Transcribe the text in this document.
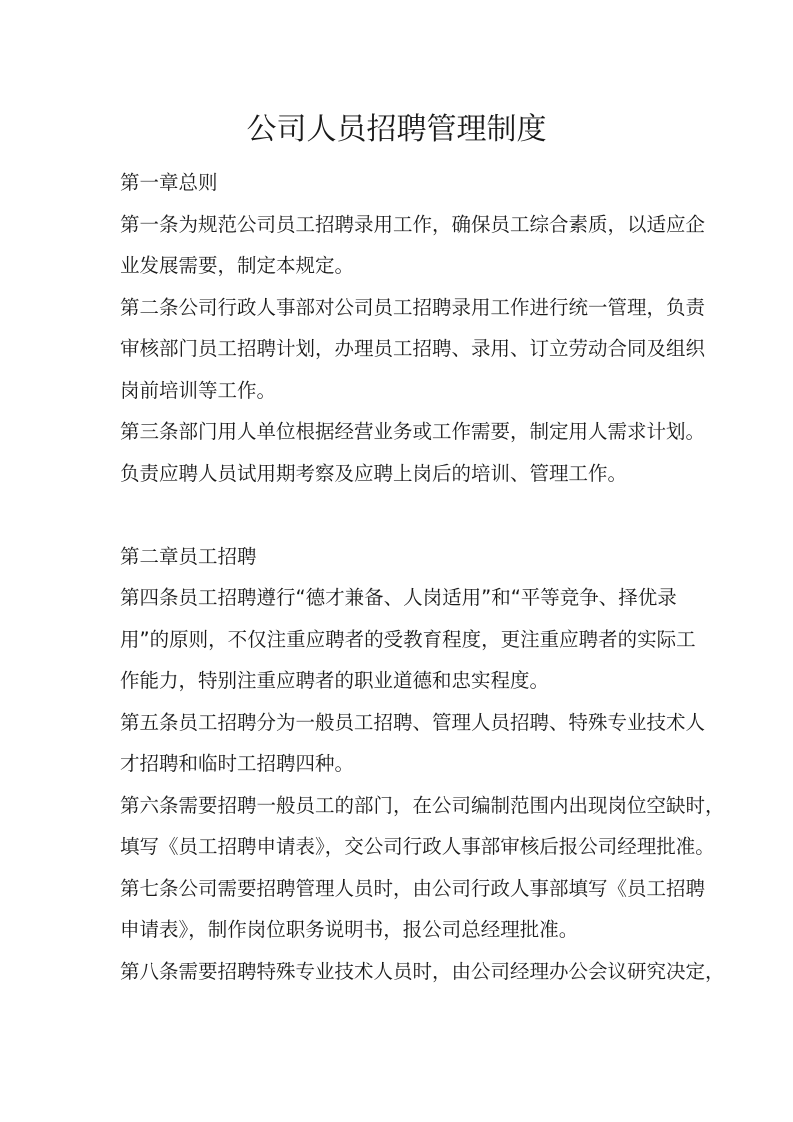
公司人员招聘管理制度
第一章总则
第一条为规范公司员工招聘录用工作，确保员工综合素质，以适应企
业发展需要，制定本规定。
第二条公司行政人事部对公司员工招聘录用工作进行统一管理，负责
审核部门员工招聘计划，办理员工招聘、录用、订立劳动合同及组织
岗前培训等工作。
第三条部门用人单位根据经营业务或工作需要，制定用人需求计划。
负责应聘人员试用期考察及应聘上岗后的培训、管理工作。
第二章员工招聘
第四条员工招聘遵行“德才兼备、人岗适用”和“平等竞争、择优录
用”的原则，不仅注重应聘者的受教育程度，更注重应聘者的实际工
作能力，特别注重应聘者的职业道德和忠实程度。
第五条员工招聘分为一般员工招聘、管理人员招聘、特殊专业技术人
才招聘和临时工招聘四种。
第六条需要招聘一般员工的部门，在公司编制范围内出现岗位空缺时，
填写《员工招聘申请表》，交公司行政人事部审核后报公司经理批准。
第七条公司需要招聘管理人员时，由公司行政人事部填写《员工招聘
申请表》，制作岗位职务说明书，报公司总经理批准。
第八条需要招聘特殊专业技术人员时，由公司经理办公会议研究决定，
